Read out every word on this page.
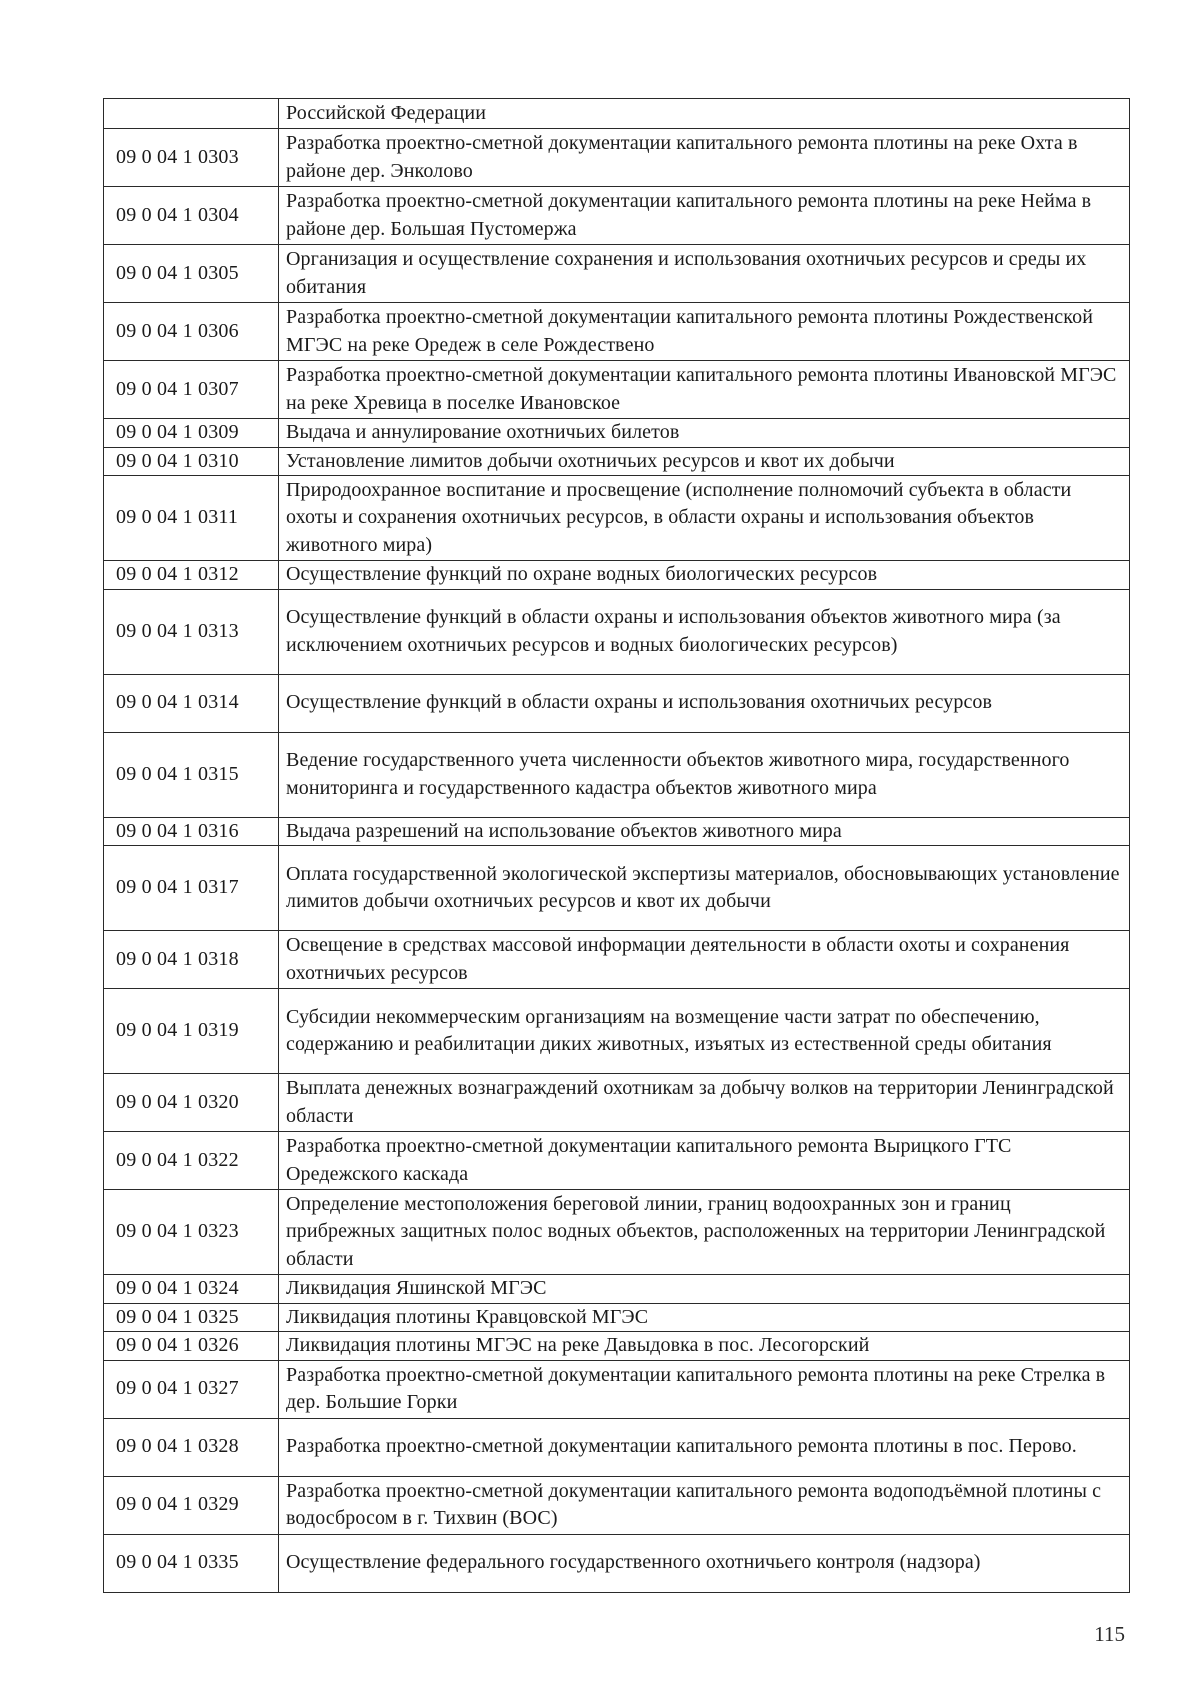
	Российской Федерации
09 0 04 1 0303	Разработка проектно-сметной документации капитального ремонта плотины на реке Охта в районе дер. Энколово
09 0 04 1 0304	Разработка проектно-сметной документации капитального ремонта плотины на реке Нейма в районе дер. Большая Пустомержа
09 0 04 1 0305	Организация и осуществление сохранения и использования охотничьих ресурсов и среды их обитания
09 0 04 1 0306	Разработка проектно-сметной документации капитального ремонта плотины Рождественской МГЭС на реке Оредеж в селе Рождествено
09 0 04 1 0307	Разработка проектно-сметной документации капитального ремонта плотины Ивановской МГЭС на реке Хревица в поселке Ивановское
09 0 04 1 0309	Выдача и аннулирование охотничьих билетов
09 0 04 1 0310	Установление лимитов добычи охотничьих ресурсов и квот их добычи
09 0 04 1 0311	Природоохранное воспитание и просвещение (исполнение полномочий субъекта в области охоты и сохранения охотничьих ресурсов, в области охраны и использования объектов животного мира)
09 0 04 1 0312	Осуществление функций по охране водных биологических ресурсов
09 0 04 1 0313	Осуществление функций в области охраны и использования объектов животного мира (за исключением охотничьих ресурсов и водных биологических ресурсов)
09 0 04 1 0314	Осуществление функций в области охраны и использования охотничьих ресурсов
09 0 04 1 0315	Ведение государственного учета численности объектов животного мира, государственного мониторинга и государственного кадастра объектов животного мира
09 0 04 1 0316	Выдача разрешений на использование объектов животного мира
09 0 04 1 0317	Оплата государственной экологической экспертизы материалов, обосновывающих установление лимитов добычи охотничьих ресурсов и квот их добычи
09 0 04 1 0318	Освещение в средствах массовой информации деятельности в области охоты и сохранения охотничьих ресурсов
09 0 04 1 0319	Субсидии некоммерческим организациям на возмещение части затрат по обеспечению, содержанию и реабилитации диких животных, изъятых из естественной среды обитания
09 0 04 1 0320	Выплата денежных вознаграждений охотникам за добычу волков на территории Ленинградской области
09 0 04 1 0322	Разработка проектно-сметной документации капитального ремонта Вырицкого ГТС Оредежского каскада
09 0 04 1 0323	Определение местоположения береговой линии, границ водоохранных зон и границ прибрежных защитных полос водных объектов, расположенных на территории Ленинградской области
09 0 04 1 0324	Ликвидация Яшинской МГЭС
09 0 04 1 0325	Ликвидация плотины Кравцовской МГЭС
09 0 04 1 0326	Ликвидация плотины МГЭС на реке Давыдовка в пос. Лесогорский
09 0 04 1 0327	Разработка проектно-сметной документации капитального ремонта плотины на реке Стрелка в дер. Большие Горки
09 0 04 1 0328	Разработка проектно-сметной документации капитального ремонта плотины в пос. Перово.
09 0 04 1 0329	Разработка проектно-сметной документации капитального ремонта водоподъёмной плотины с водосбросом в г. Тихвин (ВОС)
09 0 04 1 0335	Осуществление федерального государственного охотничьего контроля (надзора)
115
